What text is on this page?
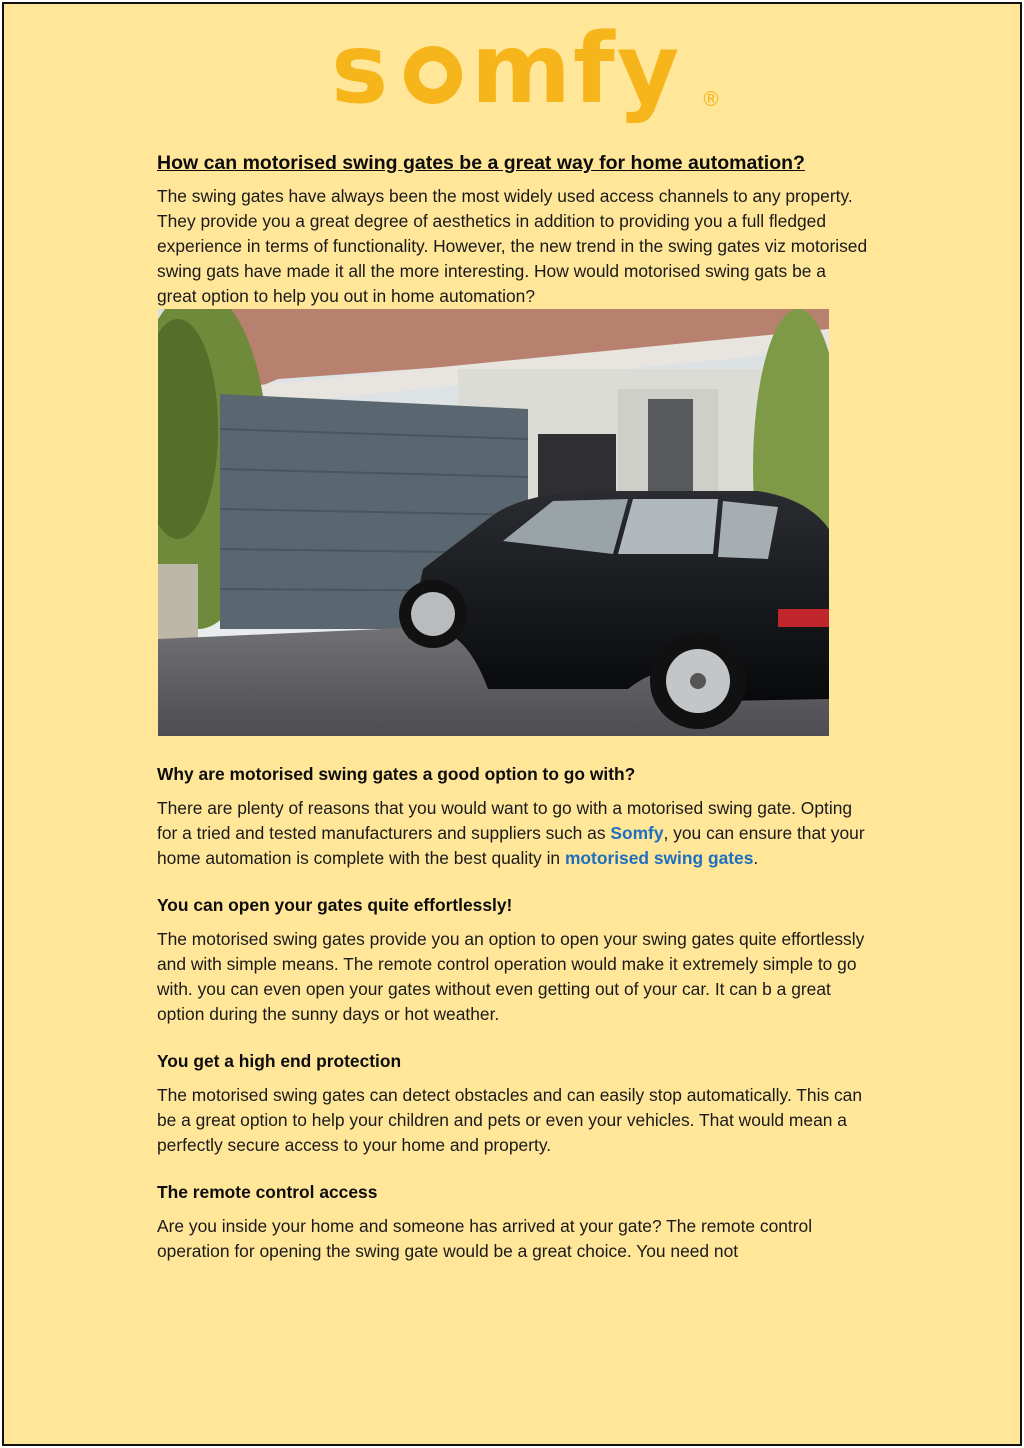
s mfy ®
How can motorised swing gates be a great way for home automation?

The swing gates have always been the most widely used access channels to any property. They provide you a great degree of aesthetics in addition to providing you a full fledged experience in terms of functionality. However, the new trend in the swing gates viz motorised swing gats have made it all the more interesting. How would motorised swing gats be a great option to help you out in home automation?

Why are motorised swing gates a good option to go with?

There are plenty of reasons that you would want to go with a motorised swing gate. Opting for a tried and tested manufacturers and suppliers such as Somfy, you can ensure that your home automation is complete with the best quality in motorised swing gates.

You can open your gates quite effortlessly!

The motorised swing gates provide you an option to open your swing gates quite effortlessly and with simple means. The remote control operation would make it extremely simple to go with. you can even open your gates without even getting out of your car. It can b a great option during the sunny days or hot weather.

You get a high end protection

The motorised swing gates can detect obstacles and can easily stop automatically. This can be a great option to help your children and pets or even your vehicles. That would mean a perfectly secure access to your home and property.

The remote control access

Are you inside your home and someone has arrived at your gate? The remote control operation for opening the swing gate would be a great choice. You need not
